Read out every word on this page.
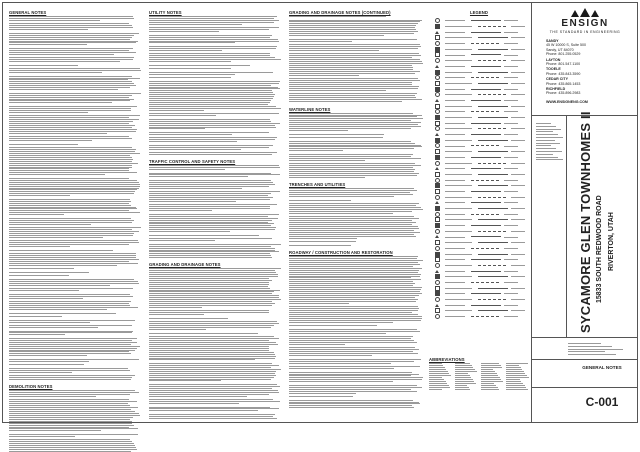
GENERAL NOTES
DEMOLITION NOTES
UTILITY NOTES
TRAFFIC CONTROL AND SAFETY NOTES
GRADING AND DRAINAGE NOTES
GRADING AND DRAINAGE NOTES (CONTINUED)
WATERLINE NOTES
TRENCHES AND UTILITIES
ROADWAY / CONSTRUCTION AND RESTORATION
LEGEND
ABBREVIATIONS
ENSIGN
THE STANDARD IN ENGINEERING
SANDY
45 W 10000 S, Suite 500
Sandy, UT 84070
Phone: 801.255.0529
LAYTON
Phone: 801.547.1100
TOOELE
Phone: 435.843.3590
CEDAR CITY
Phone: 435.865.1453
RICHFIELD
Phone: 435.896.2983
WWW.ENSIGNENG.COM
SYCAMORE GLEN TOWNHOMES II 15833 SOUTH REDWOOD ROAD RIVERTON, UTAH
GENERAL NOTES
C-001
